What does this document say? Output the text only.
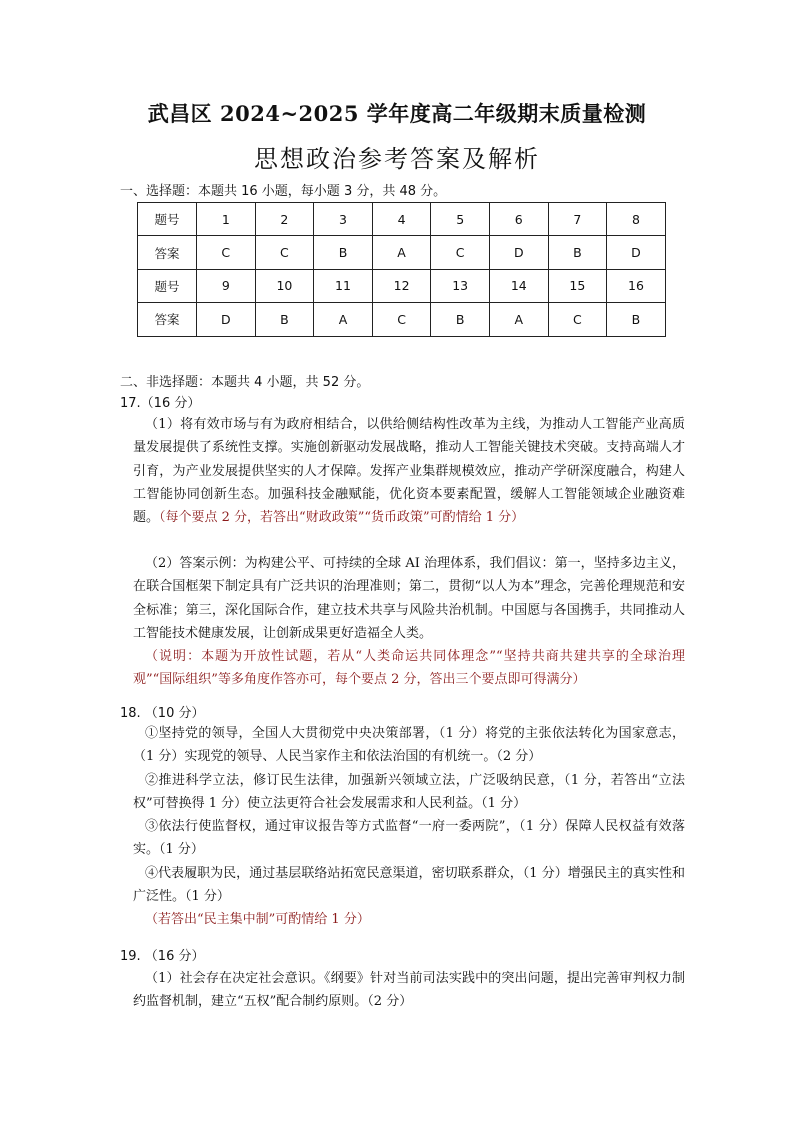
武昌区 2024~2025 学年度高二年级期末质量检测
思想政治参考答案及解析
一、选择题：本题共 16 小题，每小题 3 分，共 48 分。
题号	1	2	3	4	5	6	7	8
答案	C	C	B	A	C	D	B	D
题号	9	10	11	12	13	14	15	16
答案	D	B	A	C	B	A	C	B
二、非选择题：本题共 4 小题，共 52 分。
17.（16 分）
（1）将有效市场与有为政府相结合，以供给侧结构性改革为主线，为推动人工智能产业高质量发展提供了系统性支撑。实施创新驱动发展战略，推动人工智能关键技术突破。支持高端人才引育，为产业发展提供坚实的人才保障。发挥产业集群规模效应，推动产学研深度融合，构建人工智能协同创新生态。加强科技金融赋能，优化资本要素配置，缓解人工智能领域企业融资难题。（每个要点 2 分，若答出“财政政策”“货币政策”可酌情给 1 分）
（2）答案示例：为构建公平、可持续的全球 AI 治理体系，我们倡议：第一，坚持多边主义，在联合国框架下制定具有广泛共识的治理准则；第二，贯彻“以人为本”理念，完善伦理规范和安全标准；第三，深化国际合作，建立技术共享与风险共治机制。中国愿与各国携手，共同推动人工智能技术健康发展，让创新成果更好造福全人类。
（说明：本题为开放性试题，若从“人类命运共同体理念”“坚持共商共建共享的全球治理观”“国际组织”等多角度作答亦可，每个要点 2 分，答出三个要点即可得满分）
18. （10 分）
①坚持党的领导，全国人大贯彻党中央决策部署，（1 分）将党的主张依法转化为国家意志，（1 分）实现党的领导、人民当家作主和依法治国的有机统一。（2 分）
②推进科学立法，修订民生法律，加强新兴领域立法，广泛吸纳民意，（1 分，若答出“立法权”可替换得 1 分）使立法更符合社会发展需求和人民利益。（1 分）
③依法行使监督权，通过审议报告等方式监督“一府一委两院”，（1 分）保障人民权益有效落实。（1 分）
④代表履职为民，通过基层联络站拓宽民意渠道，密切联系群众，（1 分）增强民主的真实性和广泛性。（1 分）
（若答出“民主集中制”可酌情给 1 分）
19. （16 分）
（1）社会存在决定社会意识。《纲要》针对当前司法实践中的突出问题，提出完善审判权力制约监督机制，建立“五权”配合制约原则。（2 分）
